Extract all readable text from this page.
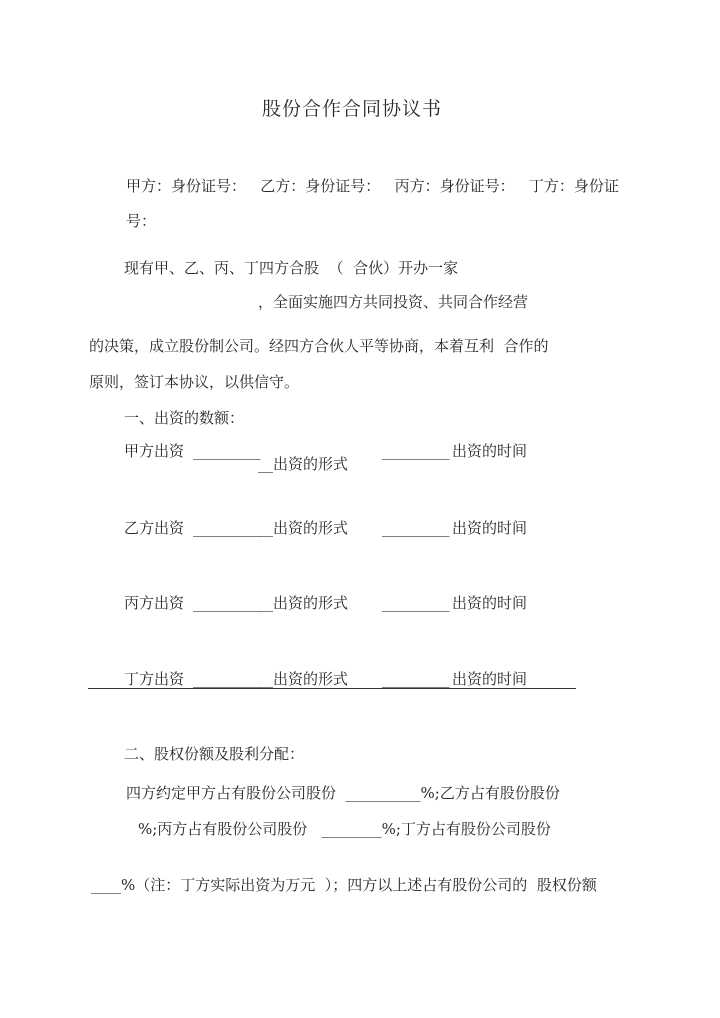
股份合作合同协议书
甲方：身份证号：   乙方：身份证号：   丙方：身份证号：   丁方：身份证
号：
现有甲、乙、丙、丁四方合股  （  合伙）开办一家
，全面实施四方共同投资、共同合作经营
的决策，成立股份制公司。经四方合伙人平等协商，本着互利  合作的
原则，签订本协议，以供信守。
一、出资的数额：
甲方出资 _________
__出资的形式
_________ 出资的时间
乙方出资 _________
__出资的形式 _________ 出资的时间
丙方出资 _________
__出资的形式 _________ 出资的时间
丁方出资 _________
__出资的形式 _________ 出资的时间
二、股权份额及股利分配：
四方约定甲方占有股份公司股份  __________%;乙方占有股份股份
%;丙方占有股份公司股份   ________%;丁方占有股份公司股份
____%（注：丁方实际出资为万元  ）；四方以上述占有股份公司的  股权份额
